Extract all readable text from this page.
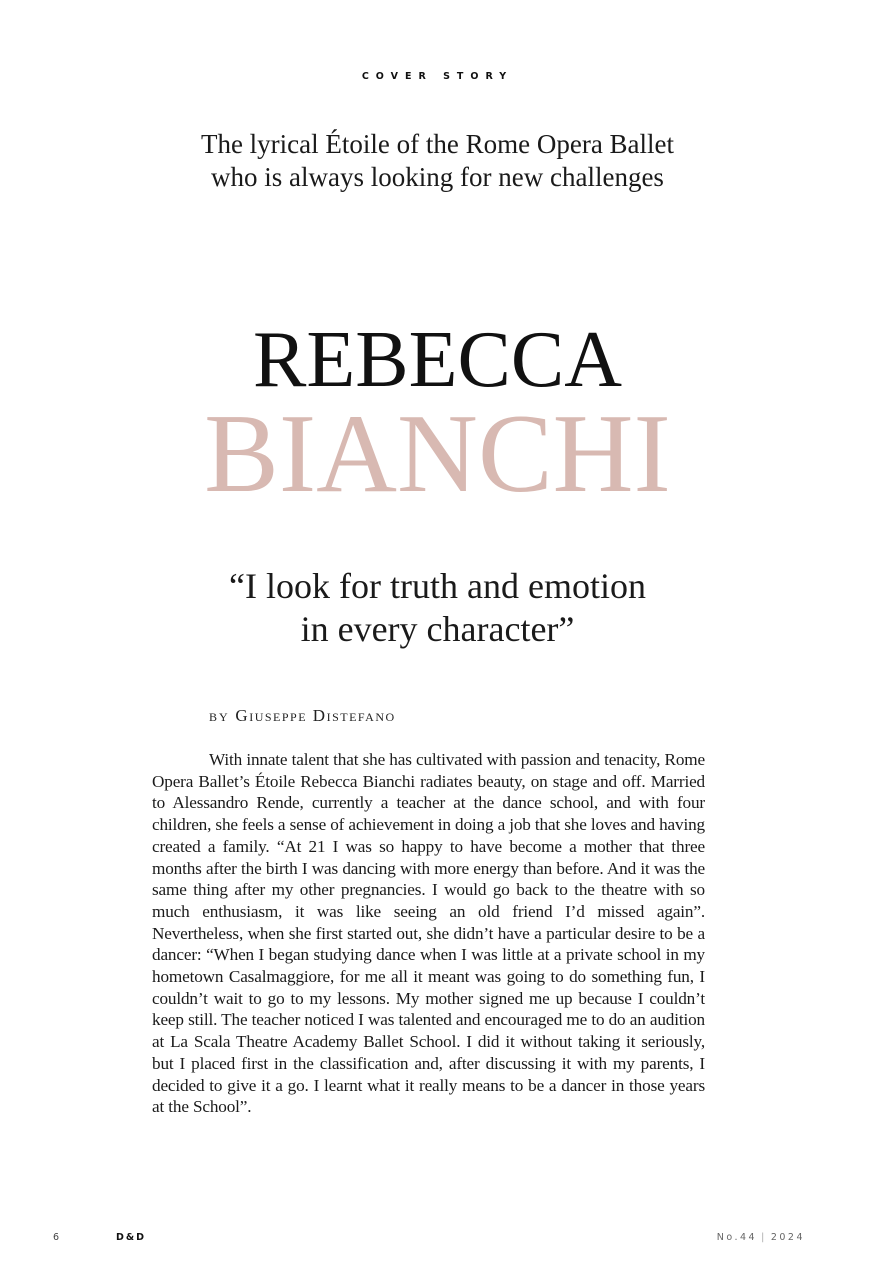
COVER STORY
The lyrical Étoile of the Rome Opera Ballet
who is always looking for new challenges
REBECCA
BIANCHI
“I look for truth and emotion
in every character”
BY Giuseppe Distefano

With innate talent that she has cultivated with passion and tenacity, Rome Opera Ballet’s Étoile Rebecca Bianchi radiates beauty, on stage and off. Married to Alessandro Rende, currently a teacher at the dance school, and with four children, she feels a sense of achievement in doing a job that she loves and having created a family. “At 21 I was so happy to have become a mother that three months after the birth I was dancing with more energy than before. And it was the same thing after my other pregnancies. I would go back to the theatre with so much enthusiasm, it was like seeing an old friend I’d missed again”. Nevertheless, when she first started out, she didn’t have a particular desire to be a dancer: “When I began studying dance when I was little at a private school in my hometown Casalmaggiore, for me all it meant was going to do something fun, I couldn’t wait to go to my lessons. My mother signed me up because I couldn’t keep still. The teacher noticed I was talented and encouraged me to do an audition at La Scala Theatre Academy Ballet School. I did it without taking it seriously, but I placed first in the classification and, after discussing it with my parents, I decided to give it a go. I learnt what it really means to be a dancer in those years at the School”.

6	D&D	No.44 | 2024
